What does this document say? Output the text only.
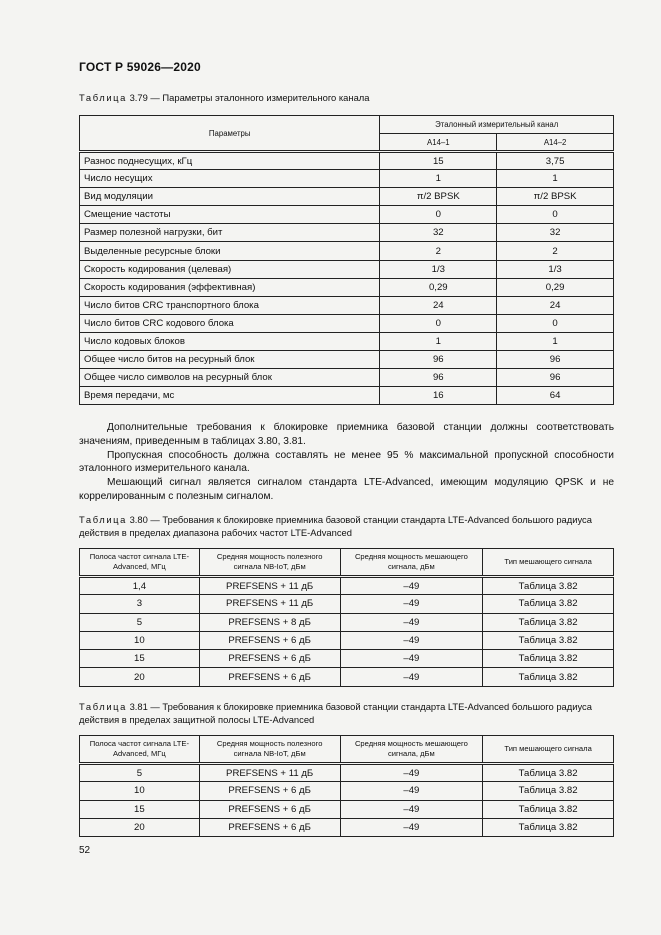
ГОСТ Р 59026—2020
Таблица 3.79 — Параметры эталонного измерительного канала
Параметры	Эталонный измерительный канал	
	A14–1	A14–2
Разнос поднесущих, кГц	15	3,75
Число несущих	1	1
Вид модуляции	π/2 BPSK	π/2 BPSK
Смещение частоты	0	0
Размер полезной нагрузки, бит	32	32
Выделенные ресурсные блоки	2	2
Скорость кодирования (целевая)	1/3	1/3
Скорость кодирования (эффективная)	0,29	0,29
Число битов CRC транспортного блока	24	24
Число битов CRC кодового блока	0	0
Число кодовых блоков	1	1
Общее число битов на ресурный блок	96	96
Общее число символов на ресурный блок	96	96
Время передачи, мс	16	64

Дополнительные требования к блокировке приемника базовой станции должны соответствовать значениям, приведенным в таблицах 3.80, 3.81.

Пропускная способность должна составлять не менее 95 % максимальной пропускной способности эталонного измерительного канала.

Мешающий сигнал является сигналом стандарта LTE-Advanced, имеющим модуляцию QPSK и не коррелированным с полезным сигналом.

Таблица 3.80 — Требования к блокировке приемника базовой станции стандарта LTE-Advanced большого радиуса действия в пределах диапазона рабочих частот LTE-Advanced
Полоса частот сигнала LTE-Advanced, МГц	Средняя мощность полезного сигнала NB-IoT, дБм	Средняя мощность мешающего сигнала, дБм	Тип мешающего сигнала
1,4	PREFSENS + 11 дБ	–49	Таблица 3.82
3	PREFSENS + 11 дБ	–49	Таблица 3.82
5	PREFSENS + 8 дБ	–49	Таблица 3.82
10	PREFSENS + 6 дБ	–49	Таблица 3.82
15	PREFSENS + 6 дБ	–49	Таблица 3.82
20	PREFSENS + 6 дБ	–49	Таблица 3.82
Таблица 3.81 — Требования к блокировке приемника базовой станции стандарта LTE-Advanced большого радиуса действия в пределах защитной полосы LTE-Advanced
Полоса частот сигнала LTE-Advanced, МГц	Средняя мощность полезного сигнала NB-IoT, дБм	Средняя мощность мешающего сигнала, дБм	Тип мешающего сигнала
5	PREFSENS + 11 дБ	–49	Таблица 3.82
10	PREFSENS + 6 дБ	–49	Таблица 3.82
15	PREFSENS + 6 дБ	–49	Таблица 3.82
20	PREFSENS + 6 дБ	–49	Таблица 3.82
52
